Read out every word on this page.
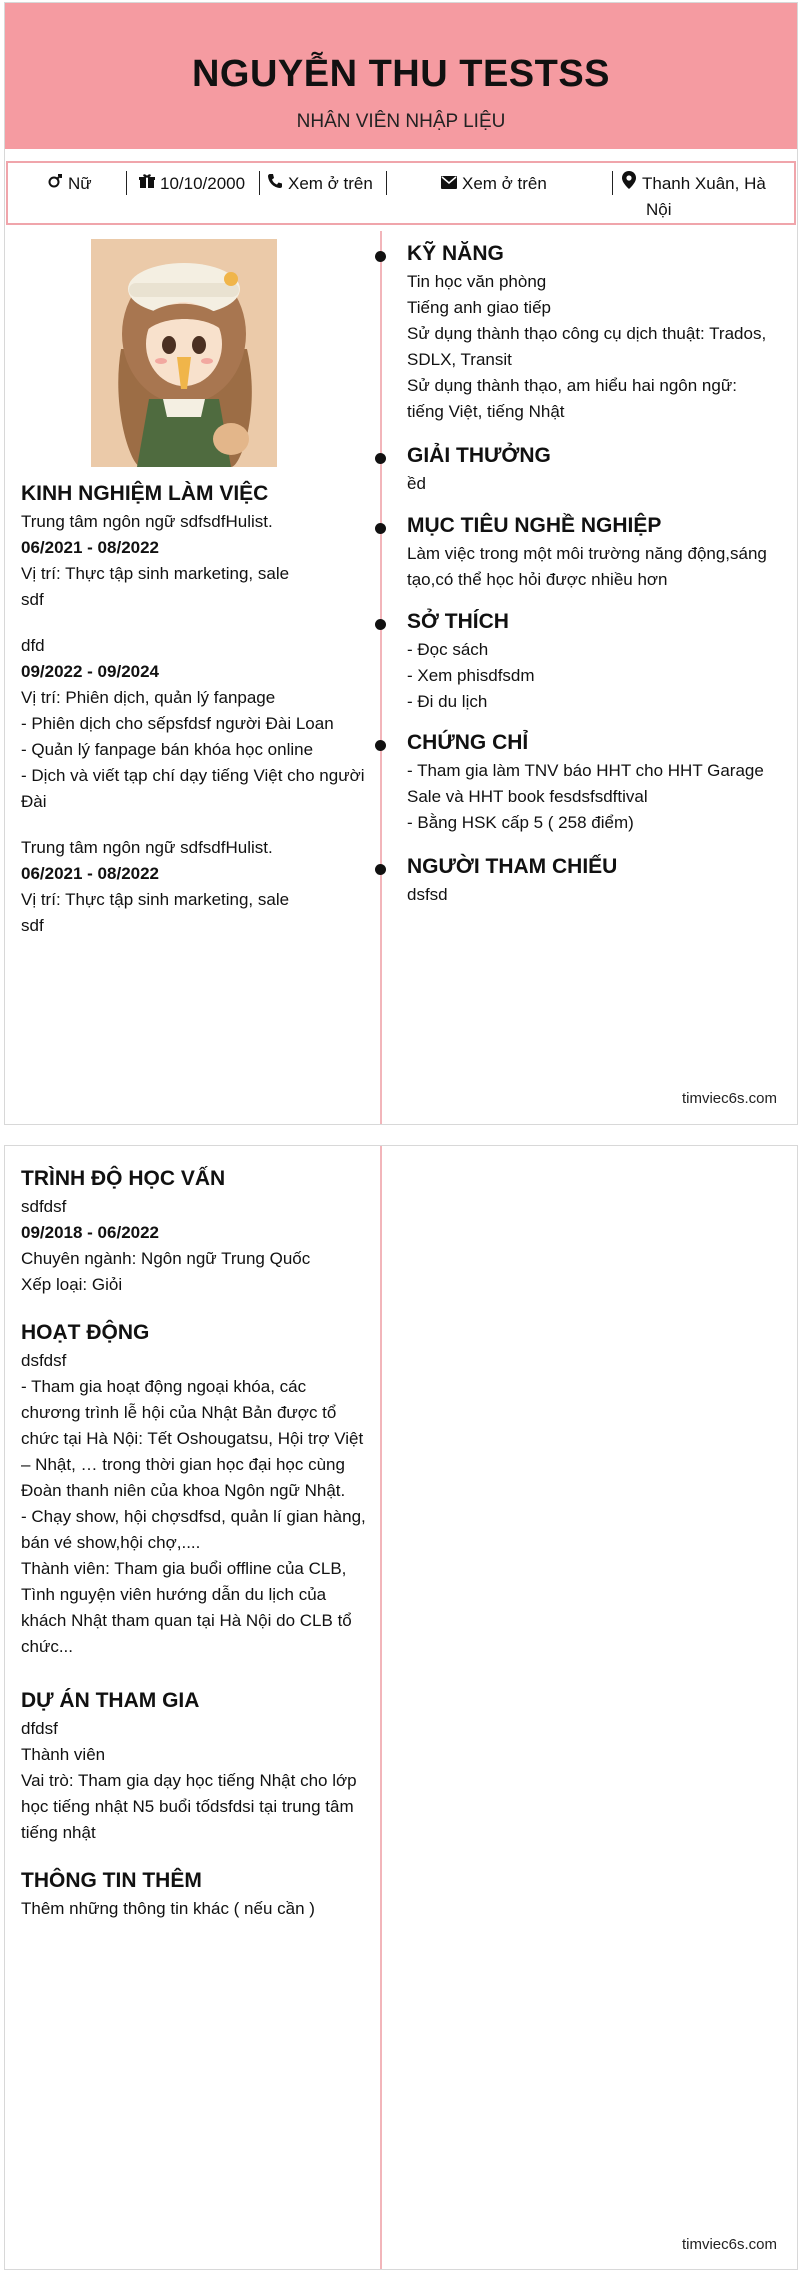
NGUYỄN THU TESTSS
NHÂN VIÊN NHẬP LIỆU
Nữ	10/10/2000	Xem ở trên	Xem ở trên	Thanh Xuân, Hà
Nội
KINH NGHIỆM LÀM VIỆC

Trung tâm ngôn ngữ sdfsdfHulist.

06/2021 - 08/2022

Vị trí: Thực tập sinh marketing, sale

sdf

dfd

09/2022 - 09/2024

Vị trí: Phiên dịch, quản lý fanpage

- Phiên dịch cho sếpsfdsf người Đài Loan

- Quản lý fanpage bán khóa học online

- Dịch và viết tạp chí dạy tiếng Việt cho người

Đài

Trung tâm ngôn ngữ sdfsdfHulist.

06/2021 - 08/2022

Vị trí: Thực tập sinh marketing, sale

sdf

KỸ NĂNG

Tin học văn phòng

Tiếng anh giao tiếp

Sử dụng thành thạo công cụ dịch thuật: Trados,

SDLX, Transit

Sử dụng thành thạo, am hiểu hai ngôn ngữ:

tiếng Việt, tiếng Nhật

GIẢI THƯỞNG

ềd

MỤC TIÊU NGHỀ NGHIỆP

Làm việc trong một môi trường năng động,sáng

tạo,có thể học hỏi được nhiều hơn

SỞ THÍCH

- Đọc sách

- Xem phisdfsdm

- Đi du lịch

CHỨNG CHỈ

- Tham gia làm TNV báo HHT cho HHT Garage

Sale và HHT book fesdsfsdftival

- Bằng HSK cấp 5 ( 258 điểm)

NGƯỜI THAM CHIẾU

dsfsd

timviec6s.com
TRÌNH ĐỘ HỌC VẤN

sdfdsf

09/2018 - 06/2022

Chuyên ngành: Ngôn ngữ Trung Quốc

Xếp loại: Giỏi

HOẠT ĐỘNG

dsfdsf

- Tham gia hoạt động ngoại khóa, các

chương trình lễ hội của Nhật Bản được tổ

chức tại Hà Nội: Tết Oshougatsu, Hội trợ Việt

– Nhật, … trong thời gian học đại học cùng

Đoàn thanh niên của khoa Ngôn ngữ Nhật.

- Chạy show, hội chợsdfsd, quản lí gian hàng,

bán vé show,hội chợ,....

Thành viên: Tham gia buổi offline của CLB,

Tình nguyện viên hướng dẫn du lịch của

khách Nhật tham quan tại Hà Nội do CLB tổ

chức...

DỰ ÁN THAM GIA

dfdsf

Thành viên

Vai trò: Tham gia dạy học tiếng Nhật cho lớp

học tiếng nhật N5 buổi tốdsfdsi tại trung tâm

tiếng nhật

THÔNG TIN THÊM

Thêm những thông tin khác ( nếu cần )

timviec6s.com
